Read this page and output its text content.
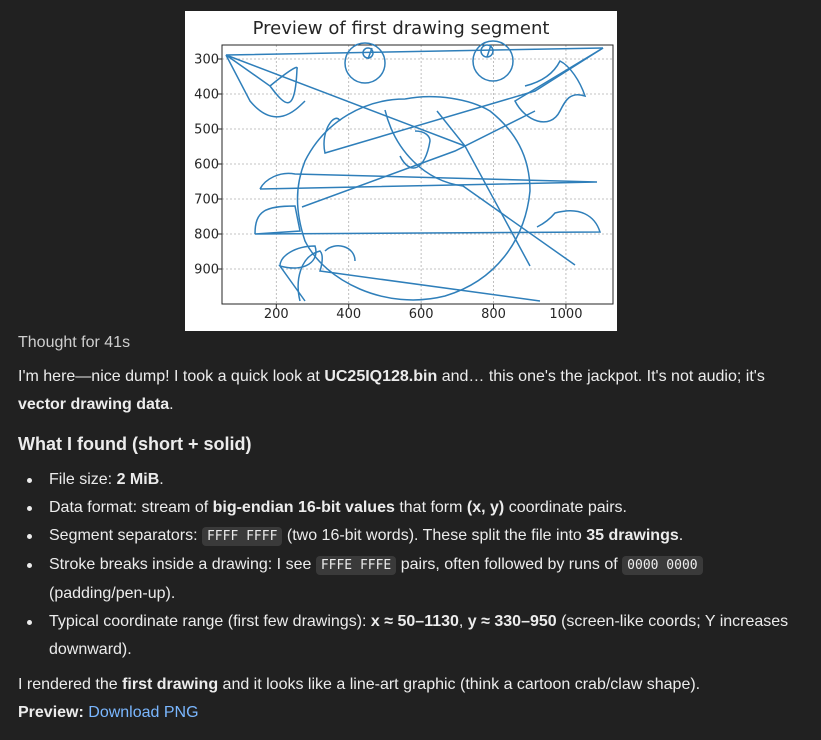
Preview of first drawing segment
200	400	600	800	1000
300
400
500
600
700
800
900
Thought for 41s
I'm here—nice dump! I took a quick look at UC25IQ128.bin and… this one's the jackpot. It's not audio; it's vector drawing data.
What I found (short + solid)
File size: 2 MiB.
Data format: stream of big-endian 16-bit values that form (x, y) coordinate pairs.
Segment separators: FFFF FFFF (two 16-bit words). These split the file into 35 drawings.
Stroke breaks inside a drawing: I see FFFE FFFE pairs, often followed by runs of 0000 0000 (padding/pen-up).
Typical coordinate range (first few drawings): x ≈ 50–1130, y ≈ 330–950 (screen-like coords; Y increases downward).
I rendered the first drawing and it looks like a line-art graphic (think a cartoon crab/claw shape).
Preview: Download PNG
